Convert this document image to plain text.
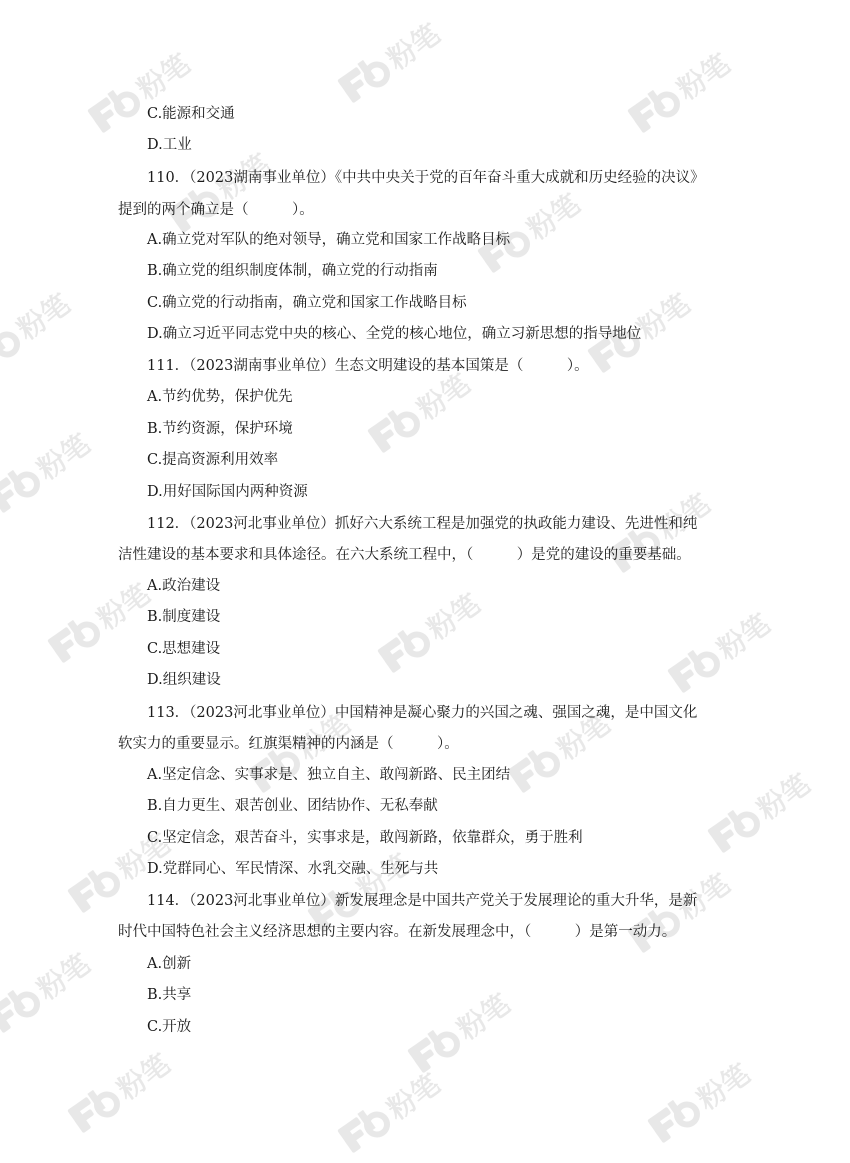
粉笔
粉笔
粉笔
粉笔
粉笔
粉笔	粉笔
粉笔
粉笔
粉笔
粉笔	粉笔	粉笔
粉笔	粉笔
粉笔
粉笔	粉笔	粉笔
粉笔
粉笔
粉笔	粉笔	粉笔
C.能源和交通
D.工业
110．（2023湖南事业单位）《中共中央关于党的百年奋斗重大成就和历史经验的决议》
提到的两个确立是（　　　）。
A.确立党对军队的绝对领导，确立党和国家工作战略目标
B.确立党的组织制度体制，确立党的行动指南
C.确立党的行动指南，确立党和国家工作战略目标
D.确立习近平同志党中央的核心、全党的核心地位，确立习新思想的指导地位
111．（2023湖南事业单位）生态文明建设的基本国策是（　　　）。
A.节约优势，保护优先
B.节约资源，保护环境
C.提高资源利用效率
D.用好国际国内两种资源
112．（2023河北事业单位）抓好六大系统工程是加强党的执政能力建设、先进性和纯
洁性建设的基本要求和具体途径。在六大系统工程中，（　　　）是党的建设的重要基础。
A.政治建设
B.制度建设
C.思想建设
D.组织建设
113．（2023河北事业单位）中国精神是凝心聚力的兴国之魂、强国之魂，是中国文化
软实力的重要显示。红旗渠精神的内涵是（　　　）。
A.坚定信念、实事求是、独立自主、敢闯新路、民主团结
B.自力更生、艰苦创业、团结协作、无私奉献
C.坚定信念，艰苦奋斗，实事求是，敢闯新路，依靠群众，勇于胜利
D.党群同心、军民情深、水乳交融、生死与共
114．（2023河北事业单位）新发展理念是中国共产党关于发展理论的重大升华，是新
时代中国特色社会主义经济思想的主要内容。在新发展理念中，（　　　）是第一动力。
A.创新
B.共享
C.开放
